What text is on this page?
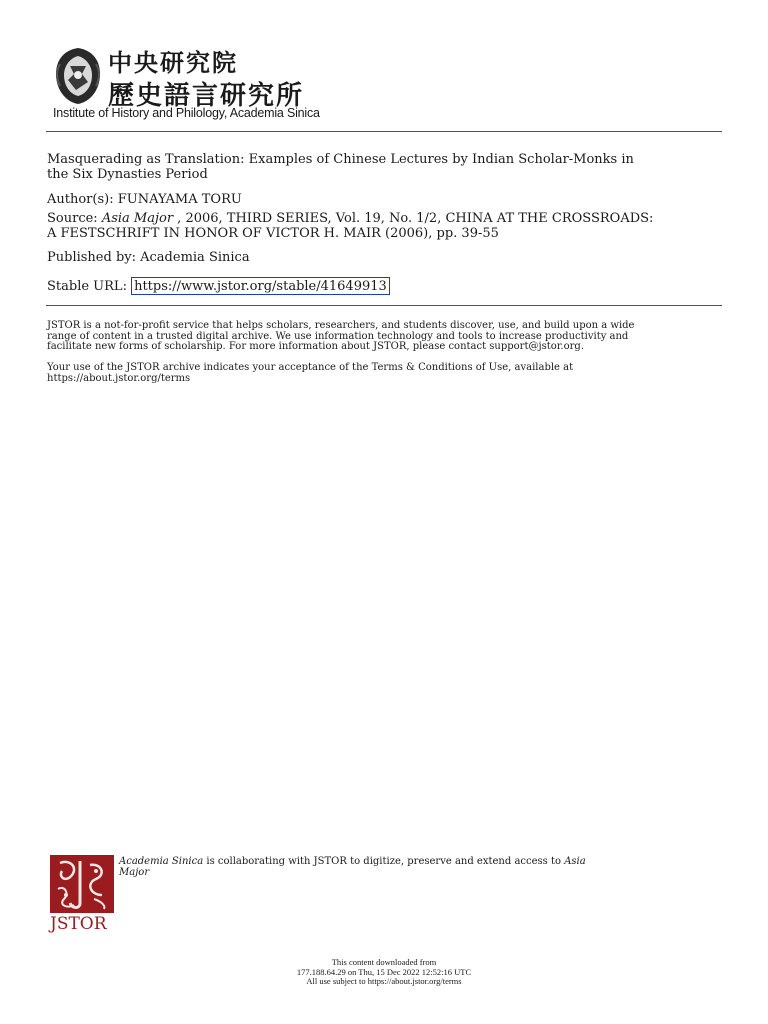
中央研究院
歷史語言研究所
Institute of History and Philology, Academia Sinica

Masquerading as Translation: Examples of Chinese Lectures by Indian Scholar-Monks in

the Six Dynasties Period

Author(s): FUNAYAMA TORU

Source: Asia Major , 2006, THIRD SERIES, Vol. 19, No. 1/2, CHINA AT THE CROSSROADS:

A FESTSCHRIFT IN HONOR OF VICTOR H. MAIR (2006), pp. 39-55

Published by: Academia Sinica

Stable URL: https://www.jstor.org/stable/41649913

JSTOR is a not-for-profit service that helps scholars, researchers, and students discover, use, and build upon a wide

range of content in a trusted digital archive. We use information technology and tools to increase productivity and

facilitate new forms of scholarship. For more information about JSTOR, please contact support@jstor.org.

Your use of the JSTOR archive indicates your acceptance of the Terms & Conditions of Use, available at

https://about.jstor.org/terms

JSTOR

Academia Sinica is collaborating with JSTOR to digitize, preserve and extend access to Asia

Major

This content downloaded from

177.188.64.29 on Thu, 15 Dec 2022 12:52:16 UTC

All use subject to https://about.jstor.org/terms
